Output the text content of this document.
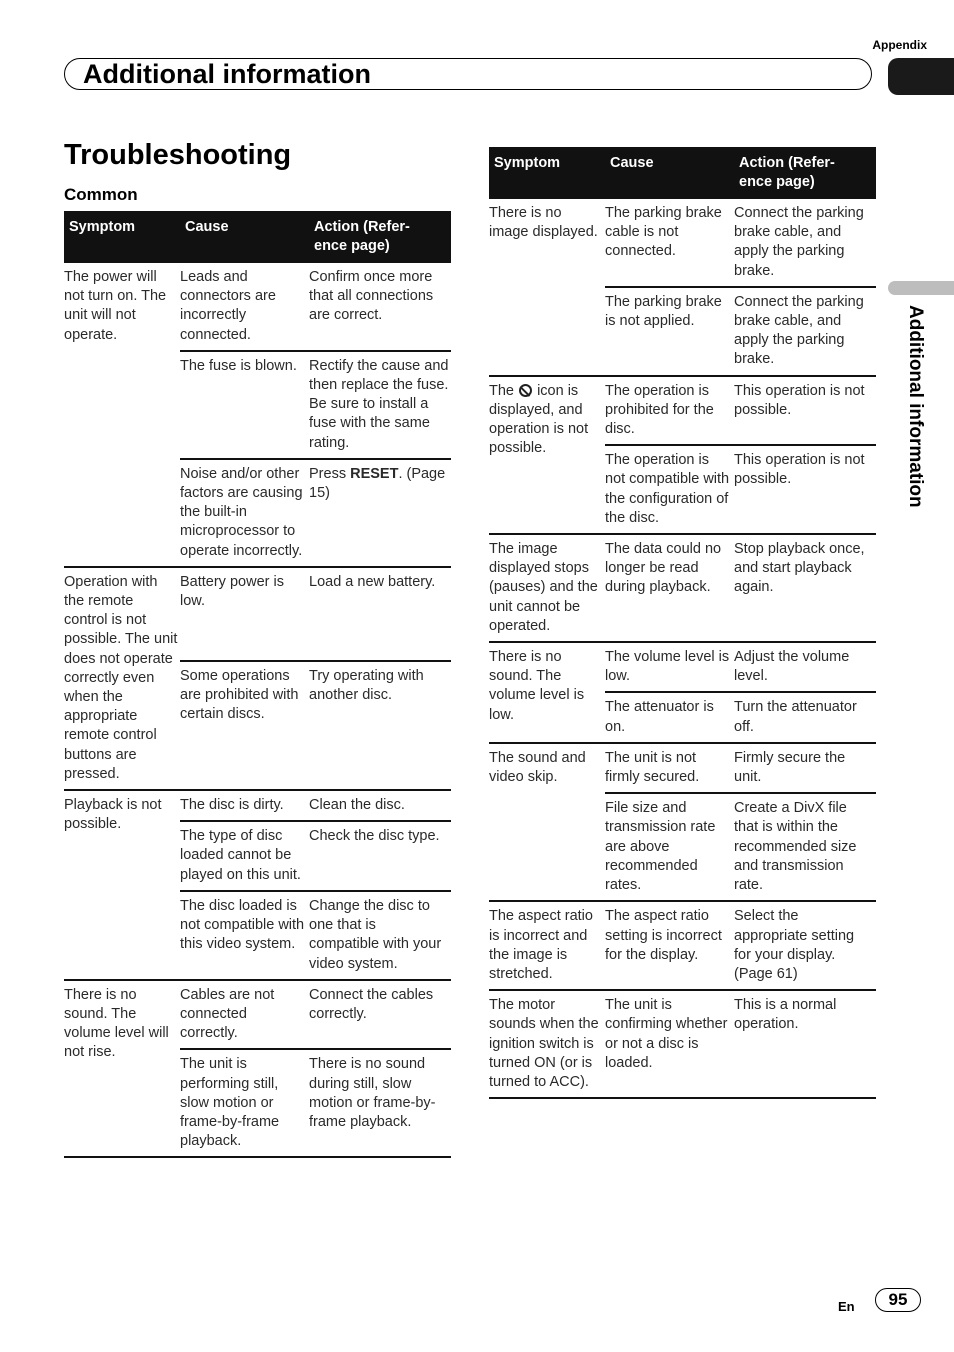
Appendix
Additional information
Additional information
Troubleshooting
Common
Symptom	Cause	Action (Refer-
ence page)
The power will not turn on. The unit will not operate.	Leads and connectors are incorrectly connected.	Confirm once more that all connections are correct.
	The fuse is blown.	Rectify the cause and then replace the fuse. Be sure to install a fuse with the same rating.
	Noise and/or other factors are causing the built-in microprocessor to operate incorrectly.	Press RESET. (Page 15)
Operation with the remote control is not possible. The unit does not operate correctly even when the appropriate remote control buttons are pressed.	Battery power is low.	Load a new battery.
	Some operations are prohibited with certain discs.	Try operating with another disc.
Playback is not possible.	The disc is dirty.	Clean the disc.
	The type of disc loaded cannot be played on this unit.	Check the disc type.
	The disc loaded is not compatible with this video system.	Change the disc to one that is compatible with your video system.
There is no sound. The volume level will not rise.	Cables are not connected correctly.	Connect the cables correctly.
	The unit is performing still, slow motion or frame-by-frame playback.	There is no sound during still, slow motion or frame-by-frame playback.
Symptom	Cause	Action (Refer-
ence page)
There is no image displayed.	The parking brake cable is not connected.	Connect the parking brake cable, and apply the parking brake.
	The parking brake is not applied.	Connect the parking brake cable, and apply the parking brake.
The icon is displayed, and operation is not possible.	The operation is prohibited for the disc.	This operation is not possible.
	The operation is not compatible with the configuration of the disc.	This operation is not possible.
The image displayed stops (pauses) and the unit cannot be operated.	The data could no longer be read during playback.	Stop playback once, and start playback again.
There is no sound. The volume level is low.	The volume level is low.	Adjust the volume level.
	The attenuator is on.	Turn the attenuator off.
The sound and video skip.	The unit is not firmly secured.	Firmly secure the unit.
	File size and transmission rate are above recommended rates.	Create a DivX file that is within the recommended size and transmission rate.
The aspect ratio is incorrect and the image is stretched.	The aspect ratio setting is incorrect for the display.	Select the appropriate setting for your display. (Page 61)
The motor sounds when the ignition switch is turned ON (or is turned to ACC).	The unit is confirming whether or not a disc is loaded.	This is a normal operation.
En	95
